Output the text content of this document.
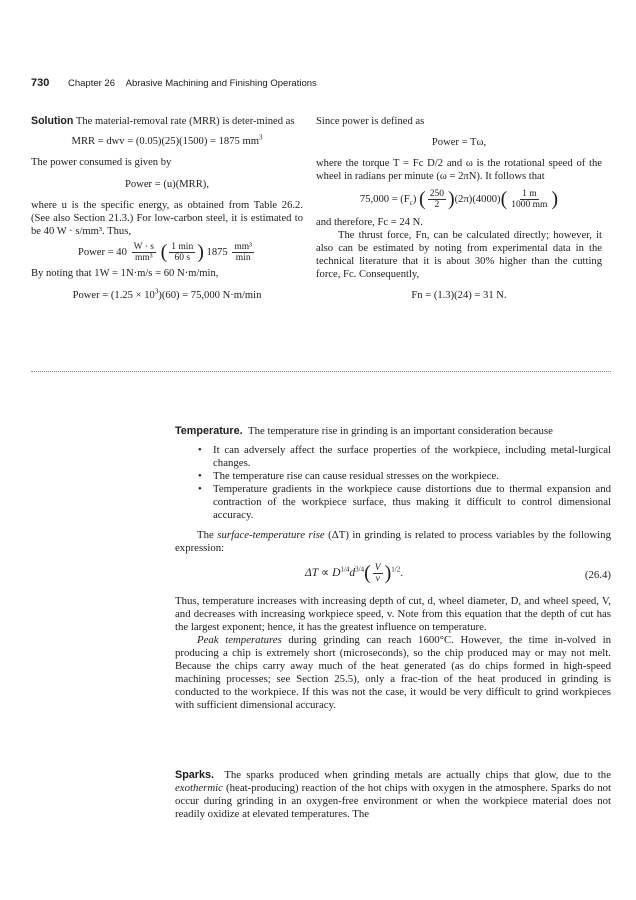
730 Chapter 26 Abrasive Machining and Finishing Operations

Solution The material-removal rate (MRR) is deter-mined as

MRR = dwv = (0.05)(25)(1500) = 1875 $mm^3$

The power consumed is given by

Power = (u)(MRR),

where u is the specific energy, as obtained from Table 26.2. (See also Section 21.3.) For low-carbon steel, it is estimated to be 40 W · s/mm³. Thus,

Power = $40 \frac{W \cdot s}{\text{mm³}}$ ( $\frac{1 \min}{60 s}$ ) $1875 \frac{\text{mm³}}{\min}$

By noting that 1W = 1N·m/s = 60 N·m/min,

Power = $(1.25 \times 10^3)(60) = 75,000$ N·m/min

Since power is defined as

Power = Tω,

where the torque T = Fc D/2 and ω is the rotational speed of the wheel in radians per minute (ω = 2πN). It follows that

$75,000 = (F_c)$ ( $\frac{250}{2} )(2\pi)(4000)( \frac{1 m}{1000 mm}$ )

and therefore, Fc = 24 N.

The thrust force, Fn, can be calculated directly; however, it also can be estimated by noting from experimental data in the technical literature that it is about 30% higher than the cutting force, Fc. Consequently,

Fn = (1.3)(24) = 31 N.

Temperature. The temperature rise in grinding is an important consideration because

• It can adversely affect the surface properties of the workpiece, including metal-lurgical changes.
• The temperature rise can cause residual stresses on the workpiece.
• Temperature gradients in the workpiece cause distortions due to thermal expansion and contraction of the workpiece surface, thus making it difficult to control dimensional accuracy.

The surface-temperature rise (ΔT) in grinding is related to process variables by the following expression:

$\Delta T \propto D^{1/4}d^{3/4}( \frac{V}{v} )^{1/2}$.	(26.4)

Thus, temperature increases with increasing depth of cut, d, wheel diameter, D, and wheel speed, V, and decreases with increasing workpiece speed, v. Note from this equation that the depth of cut has the largest exponent; hence, it has the greatest influence on temperature.

Peak temperatures during grinding can reach 1600°C. However, the time in-volved in producing a chip is extremely short (microseconds), so the chip produced may or may not melt. Because the chips carry away much of the heat generated (as do chips formed in high-speed machining processes; see Section 25.5), only a frac-tion of the heat produced in grinding is conducted to the workpiece. If this was not the case, it would be very difficult to grind workpieces with sufficient dimensional accuracy.

Sparks. The sparks produced when grinding metals are actually chips that glow, due to the exothermic (heat-producing) reaction of the hot chips with oxygen in the atmosphere. Sparks do not occur during grinding in an oxygen-free environment or when the workpiece material does not readily oxidize at elevated temperatures. The
